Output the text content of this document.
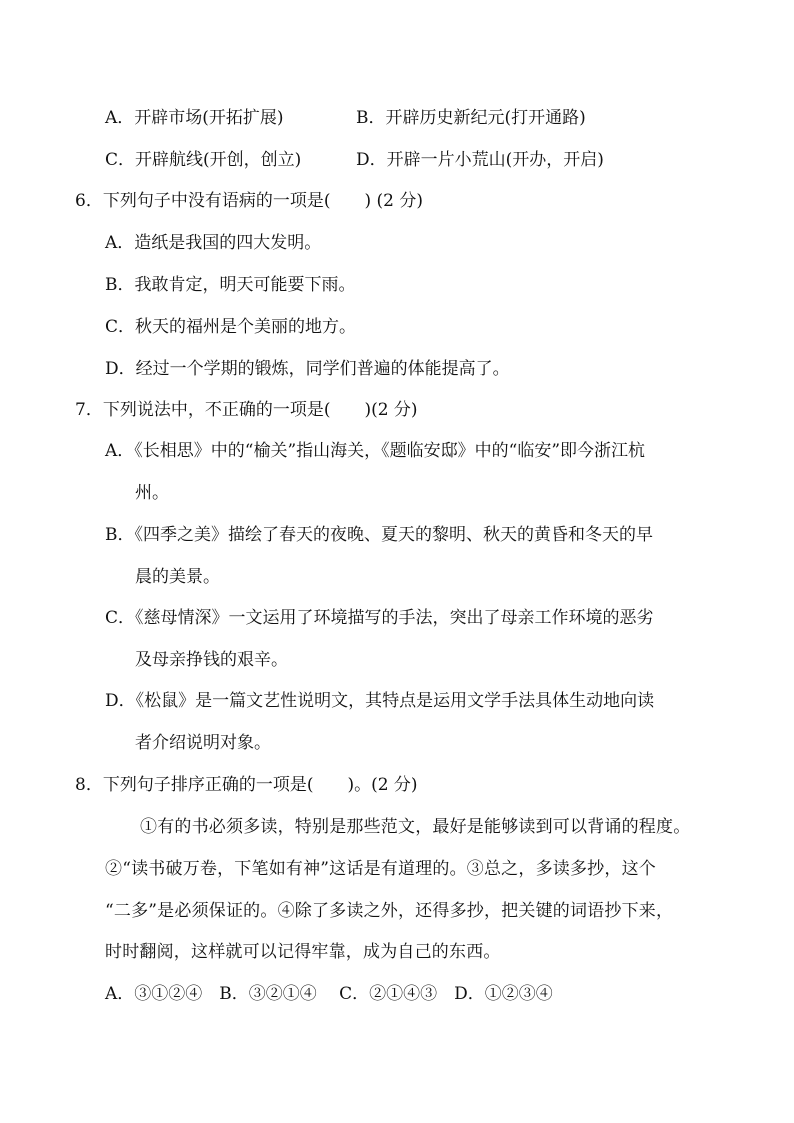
A．开辟市场(开拓扩展)	B．开辟历史新纪元(打开通路)
C．开辟航线(开创，创立)	D．开辟一片小荒山(开办，开启)
6．下列句子中没有语病的一项是(　　) (2 分)
A．造纸是我国的四大发明。
B．我敢肯定，明天可能要下雨。
C．秋天的福州是个美丽的地方。
D．经过一个学期的锻炼，同学们普遍的体能提高了。
7．下列说法中，不正确的一项是(　　)(2 分)
A．《长相思》中的“榆关”指山海关，《题临安邸》中的“临安”即今浙江杭
州。
B．《四季之美》描绘了春天的夜晚、夏天的黎明、秋天的黄昏和冬天的早
晨的美景。
C．《慈母情深》一文运用了环境描写的手法，突出了母亲工作环境的恶劣
及母亲挣钱的艰辛。
D．《松鼠》是一篇文艺性说明文，其特点是运用文学手法具体生动地向读
者介绍说明对象。
8．下列句子排序正确的一项是(　　)。(2 分)
①有的书必须多读，特别是那些范文，最好是能够读到可以背诵的程度。
②“读书破万卷，下笔如有神”这话是有道理的。③总之，多读多抄，这个
“二多”是必须保证的。④除了多读之外，还得多抄，把关键的词语抄下来，
时时翻阅，这样就可以记得牢靠，成为自己的东西。
A．③①②④　B．③②①④　 C．②①④③　D．①②③④
